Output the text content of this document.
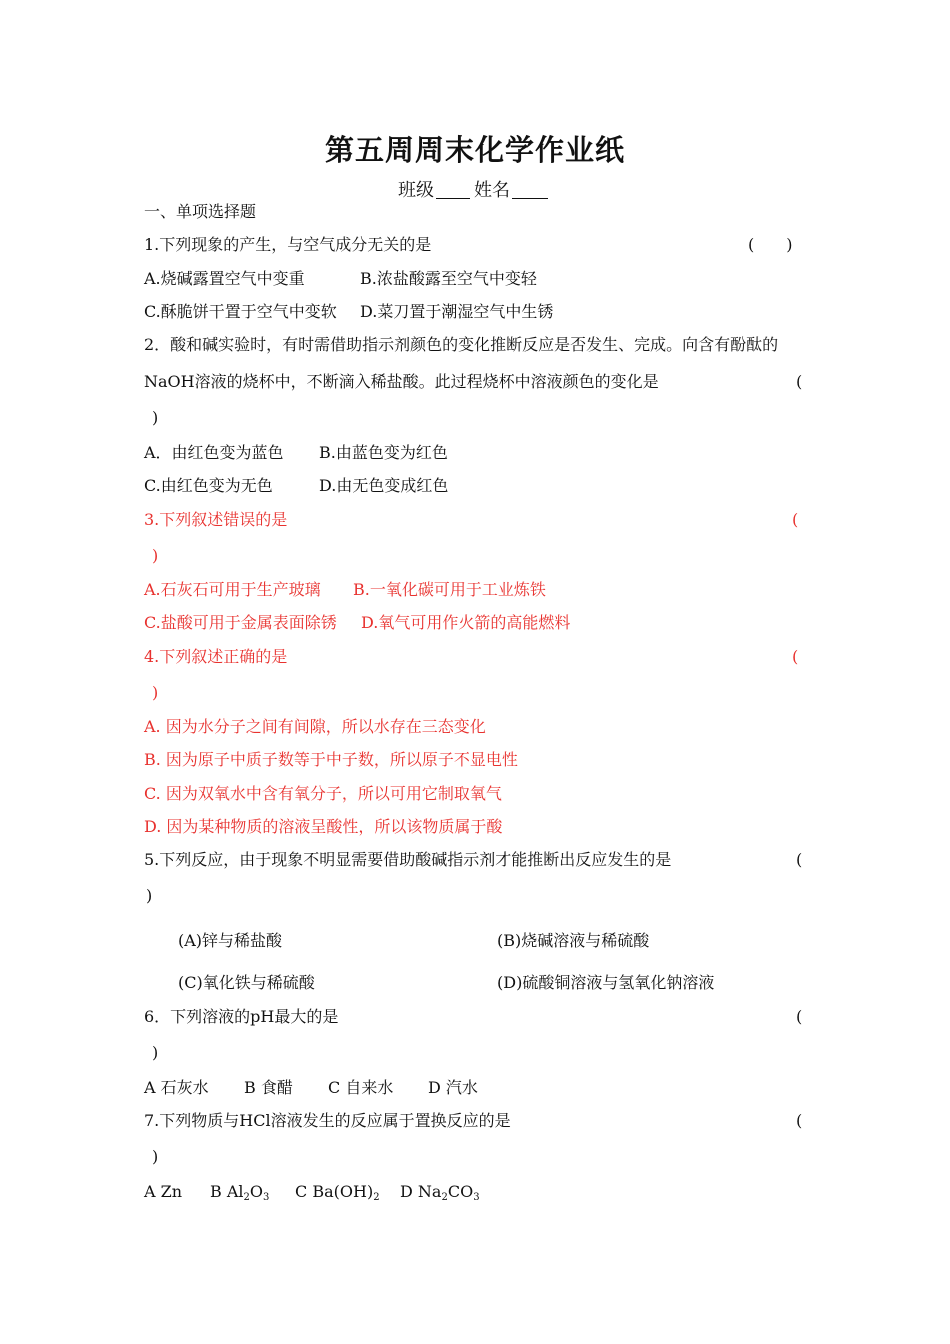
第五周周末化学作业纸
班级 姓名
一、单项选择题
1.下列现象的产生，与空气成分无关的是	(　　)
A.烧碱露置空气中变重	B.浓盐酸露至空气中变轻
C.酥脆饼干置于空气中变软 D.菜刀置于潮湿空气中生锈
2．酸和碱实验时，有时需借助指示剂颜色的变化推断反应是否发生、完成。向含有酚酞的
NaOH溶液的烧杯中，不断滴入稀盐酸。此过程烧杯中溶液颜色的变化是	(
)
A．由红色变为蓝色 B.由蓝色变为红色
C.由红色变为无色	D.由无色变成红色
3.下列叙述错误的是	(
)
A.石灰石可用于生产玻璃 B.一氧化碳可用于工业炼铁
C.盐酸可用于金属表面除锈 D.氧气可用作火箭的高能燃料
4.下列叙述正确的是	(
)
A. 因为水分子之间有间隙，所以水存在三态变化
B. 因为原子中质子数等于中子数，所以原子不显电性
C. 因为双氧水中含有氧分子，所以可用它制取氧气
D. 因为某种物质的溶液呈酸性，所以该物质属于酸
5.下列反应，由于现象不明显需要借助酸碱指示剂才能推断出反应发生的是	(
)
(A)锌与稀盐酸	(B)烧碱溶液与稀硫酸
(C)氧化铁与稀硫酸	(D)硫酸铜溶液与氢氧化钠溶液
6．下列溶液的pH最大的是	(
)
A 石灰水 B 食醋 C 自来水 D 汽水
7.下列物质与HCl溶液发生的反应属于置换反应的是	(
)
A Zn B $Al_2O_3$ C $Ba(OH)_2$ D $Na_2CO_3$
